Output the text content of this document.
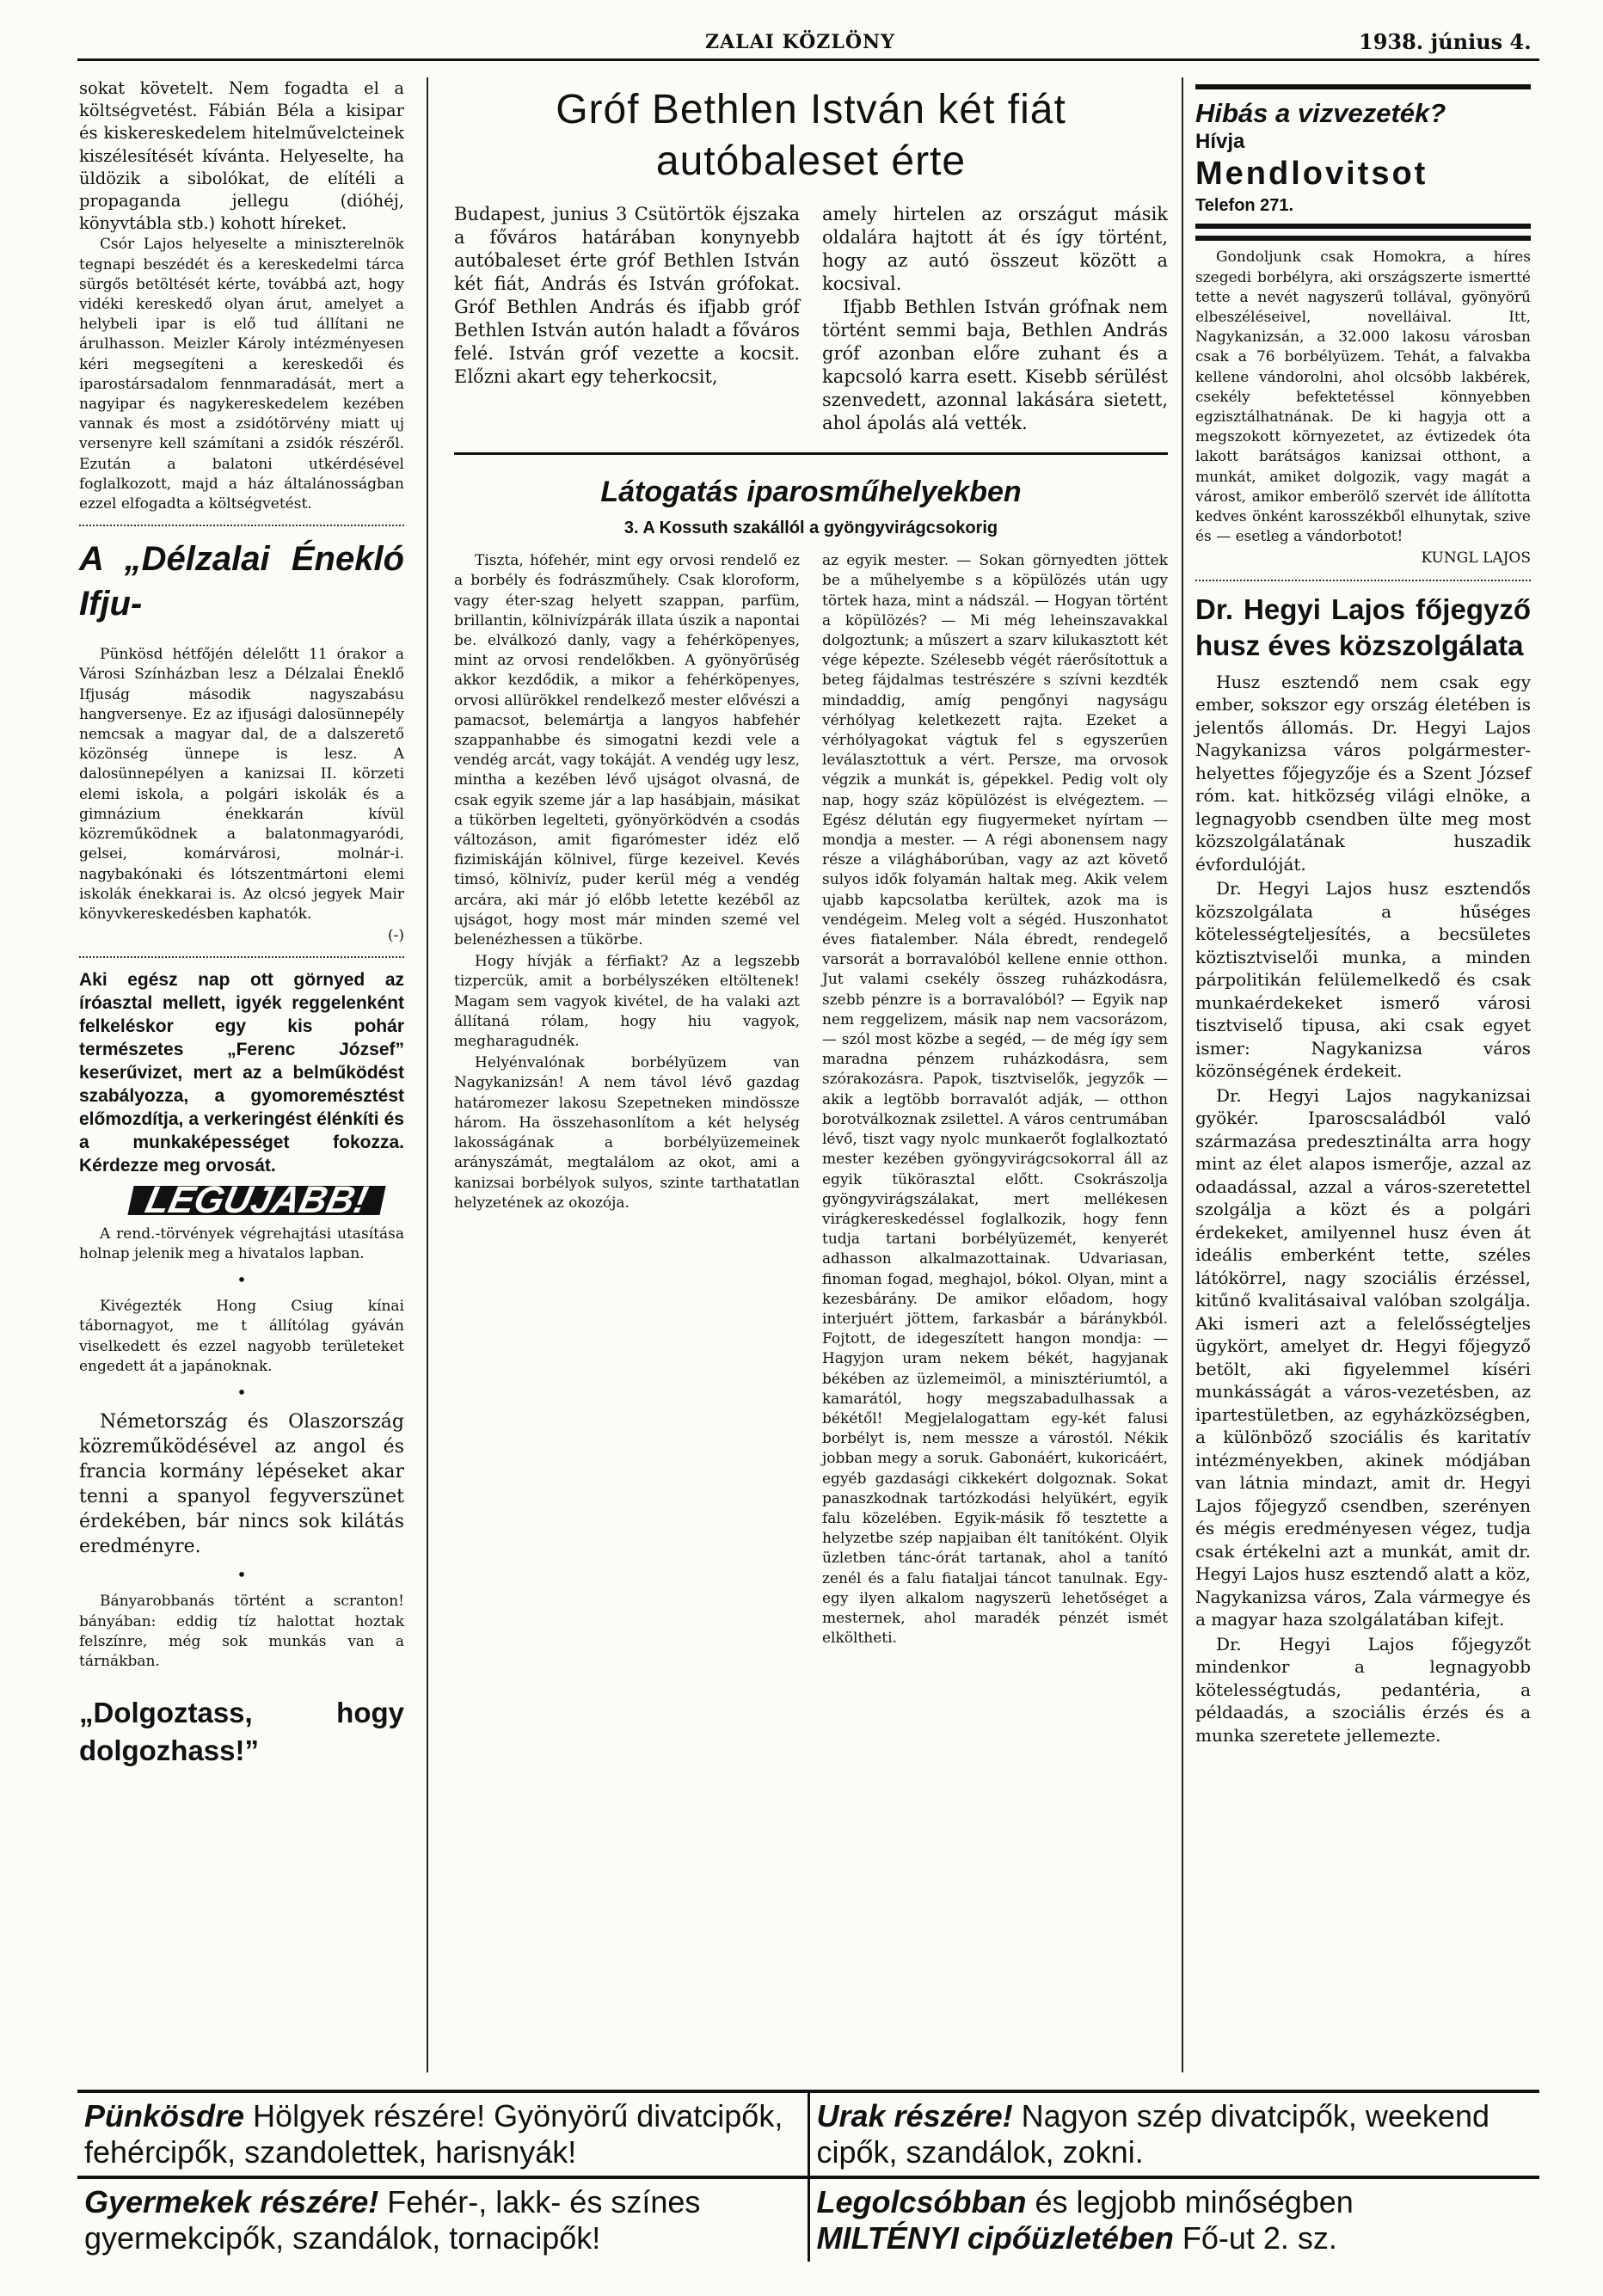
ZALAI KÖZLÖNY	1938. június 4.

sokat követelt. Nem fogadta el a költségvetést. Fábián Béla a kisipar és kiskereskedelem hitelművelcteinek kiszélesítését kívánta. Helyeselte, ha üldözik a sibolókat, de elítéli a propaganda jellegu (dióhéj, könyvtábla stb.) kohott híreket.

Csór Lajos helyeselte a miniszterelnök tegnapi beszédét és a kereskedelmi tárca sürgős betöltését kérte, továbbá azt, hogy vidéki kereskedő olyan árut, amelyet a helybeli ipar is elő tud állítani ne árulhasson. Meizler Károly intézményesen kéri megsegíteni a kereskedői és iparostársadalom fennmaradását, mert a nagyipar és nagykereskedelem kezében vannak és most a zsidótörvény miatt uj versenyre kell számítani a zsidók részéről. Ezután a balatoni utkérdésével foglalkozott, majd a ház általánosságban ezzel elfogadta a költségvetést.

A „Délzalai Énekló Ifju-

Pünkösd hétfőjén délelőtt 11 órakor a Városi Színházban lesz a Délzalai Éneklő Ifjuság második nagyszabásu hangversenye. Ez az ifjusági dalosünnepély nemcsak a magyar dal, de a dalszerető közönség ünnepe is lesz. A dalosünnepélyen a kanizsai II. körzeti elemi iskola, a polgári iskolák és a gimnázium énekkarán kívül közreműködnek a balatonmagyaródi, gelsei, komárvárosi, molnár-i. nagybakónaki és lótszentmártoni elemi iskolák énekkarai is. Az olcsó jegyek Mair könyvkereskedésben kaphatók.

(-)

Aki egész nap ott görnyed az íróasztal mellett, igyék reggelenként felkeléskor egy kis pohár természetes „Ferenc József” keserűvizet, mert az a belműködést szabályozza, a gyomoremésztést előmozdítja, a verkeringést élénkíti és a munkaképességet fokozza. Kérdezze meg orvosát.

LEGUJABB!

A rend.-törvények végrehajtási utasítása holnap jelenik meg a hivatalos lapban.

•

Kivégezték Hong Csiug kínai tábornagyot, me t állítólag gyáván viselkedett és ezzel nagyobb területeket engedett át a japánoknak.

•

Németország és Olaszország közreműködésével az angol és francia kormány lépéseket akar tenni a spanyol fegyverszünet érdekében, bár nincs sok kilátás eredményre.

•

Bányarobbanás történt a scranton! bányában: eddig tíz halottat hoztak felszínre, még sok munkás van a tárnákban.

„Dolgoztass, hogy dolgozhass!”
Gróf Bethlen István két fiát autóbaleset érte

Budapest, junius 3 Csütörtök éjszaka a főváros határában konynyebb autóbaleset érte gróf Bethlen István két fiát, András és István grófokat. Gróf Bethlen András és ifjabb gróf Bethlen István autón haladt a főváros felé. István gróf vezette a kocsit. Előzni akart egy teherkocsit,

amely hirtelen az országut másik oldalára hajtott át és így történt, hogy az autó összeut között a kocsival.

Ifjabb Bethlen István grófnak nem történt semmi baja, Bethlen András gróf azonban előre zuhant és a kapcsoló karra esett. Kisebb sérülést szenvedett, azonnal lakására sietett, ahol ápolás alá vették.

Látogatás iparosműhelyekben
3. A Kossuth szakállól a gyöngyvirágcsokorig

Tiszta, hófehér, mint egy orvosi rendelő ez a borbély és fodrászműhely. Csak kloroform, vagy éter-szag helyett szappan, parfüm, brillantin, kölnivízpárák illata úszik a napontai be. elválkozó danly, vagy a fehérköpenyes, mint az orvosi rendelőkben. A gyönyörűség akkor kezdődik, a mikor a fehérköpenyes, orvosi allürökkel rendelkező mester elővészi a pamacsot, belemártja a langyos habfehér szappanhabbe és simogatni kezdi vele a vendég arcát, vagy tokáját. A vendég ugy lesz, mintha a kezében lévő ujságot olvasná, de csak egyik szeme jár a lap hasábjain, másikat a tükörben legelteti, gyönyörködvén a csodás változáson, amit figarómester idéz elő fizimiskáján kölnivel, fürge kezeivel. Kevés timsó, kölnivíz, puder kerül még a vendég arcára, aki már jó előbb letette kezéből az ujságot, hogy most már minden szemé vel belenézhessen a tükörbe.

Hogy hívják a férfiakt? Az a legszebb tizpercük, amit a borbélyszéken eltöltenek! Magam sem vagyok kivétel, de ha valaki azt állítaná rólam, hogy hiu vagyok, megharagudnék.

Helyénvalónak borbélyüzem van Nagykanizsán! A nem távol lévő gazdag határomezer lakosu Szepetneken mindössze három. Ha összehasonlítom a két helység lakosságának a borbélyüzemeinek arányszámát, megtalálom az okot, ami a kanizsai borbélyok sulyos, szinte tarthatatlan helyzetének az okozója.

az egyik mester. — Sokan görnyedten jöttek be a műhelyembe s a köpülözés után ugy törtek haza, mint a nádszál. — Hogyan történt a köpülözés? — Mi még leheinszavakkal dolgoztunk; a műszert a szarv kilukasztott két vége képezte. Szélesebb végét ráerősítottuk a beteg fájdalmas testrészére s szívni kezdték mindaddig, amíg pengőnyi nagyságu vérhólyag keletkezett rajta. Ezeket a vérhólyagokat vágtuk fel s egyszerűen leválasztottuk a vért. Persze, ma orvosok végzik a munkát is, gépekkel. Pedig volt oly nap, hogy száz köpülözést is elvégeztem. — Egész délután egy fiugyermeket nyírtam — mondja a mester. — A régi abonensem nagy része a világháborúban, vagy az azt követő sulyos idők folyamán haltak meg. Akik velem ujabb kapcsolatba kerültek, azok ma is vendégeim. Meleg volt a ségéd. Huszonhatot éves fiatalember. Nála ébredt, rendegelő varsorát a borravalóból kellene ennie otthon. Jut valami csekély összeg ruházkodásra, szebb pénzre is a borravalóból? — Egyik nap nem reggelizem, másik nap nem vacsorázom, — szól most közbe a segéd, — de még így sem maradna pénzem ruházkodásra, sem szórakozásra. Papok, tisztviselők, jegyzők — akik a legtöbb borravalót adják, — otthon borotválkoznak zsilettel. A város centrumában lévő, tiszt vagy nyolc munkaerőt foglalkoztató mester kezében gyöngyvirágcsokorral áll az egyik tükörasztal előtt. Csokrászolja gyöngyvirágszálakat, mert mellékesen virágkereskedéssel foglalkozik, hogy fenn tudja tartani borbélyüzemét, kenyerét adhasson alkalmazottainak. Udvariasan, finoman fogad, meghajol, bókol. Olyan, mint a kezesbárány. De amikor előadom, hogy interjuért jöttem, farkasbár a báránykból. Fojtott, de idegeszített hangon mondja: — Hagyjon uram nekem békét, hagyjanak békében az üzlemeimöl, a minisztériumtól, a kamarától, hogy megszabadulhassak a békétől! Megjelalogattam egy-két falusi borbélyt is, nem messze a várostól. Nékik jobban megy a soruk. Gabonáért, kukoricáért, egyéb gazdasági cikkekért dolgoznak. Sokat panaszkodnak tartózkodási helyükért, egyik falu közelében. Egyik-másik fő tesztette a helyzetbe szép napjaiban élt tanítóként. Olyik üzletben tánc-órát tartanak, ahol a tanító zenél és a falu fiataljai táncot tanulnak. Egy-egy ilyen alkalom nagyszerü lehetőséget a mesternek, ahol maradék pénzét ismét elköltheti.

Hibás a vizvezeték?
Hívja
Mendlovitsot
Telefon 271.

Gondoljunk csak Homokra, a híres szegedi borbélyra, aki országszerte ismertté tette a nevét nagyszerű tollával, gyönyörű elbeszéléseivel, novelláival. Itt, Nagykanizsán, a 32.000 lakosu városban csak a 76 borbélyüzem. Tehát, a falvakba kellene vándorolni, ahol olcsóbb lakbérek, csekély befektetéssel könnyebben egzisztálhatnának. De ki hagyja ott a megszokott környezetet, az évtizedek óta lakott barátságos kanizsai otthont, a munkát, amiket dolgozik, vagy magát a várost, amikor emberölő szervét ide állította kedves önként karosszékből elhunytak, szive és — esetleg a vándorbotot!

KUNGL LAJOS
Dr. Hegyi Lajos főjegyző husz éves közszolgálata

Husz esztendő nem csak egy ember, sokszor egy ország életében is jelentős állomás. Dr. Hegyi Lajos Nagykanizsa város polgármester-helyettes főjegyzője és a Szent József róm. kat. hitközség világi elnöke, a legnagyobb csendben ülte meg most közszolgálatának huszadik évfordulóját.

Dr. Hegyi Lajos husz esztendős közszolgálata a hűséges kötelességteljesítés, a becsületes köztisztviselői munka, a minden párpolitikán felülemelkedő és csak munkaérdekeket ismerő városi tisztviselő tipusa, aki csak egyet ismer: Nagykanizsa város közönségének érdekeit.

Dr. Hegyi Lajos nagykanizsai gyökér. Iparoscsaládból való származása predesztinálta arra hogy mint az élet alapos ismerője, azzal az odaadással, azzal a város-szeretettel szolgálja a közt és a polgári érdekeket, amilyennel husz éven át ideális emberként tette, széles látókörrel, nagy szociális érzéssel, kitűnő kvalitásaival valóban szolgálja. Aki ismeri azt a felelősségteljes ügykört, amelyet dr. Hegyi főjegyző betölt, aki figyelemmel kíséri munkásságát a város-vezetésben, az ipartestületben, az egyházközségben, a különböző szociális és karitatív intézményekben, akinek módjában van látnia mindazt, amit dr. Hegyi Lajos főjegyző csendben, szerényen és mégis eredményesen végez, tudja csak értékelni azt a munkát, amit dr. Hegyi Lajos husz esztendő alatt a köz, Nagykanizsa város, Zala vármegye és a magyar haza szolgálatában kifejt.

Dr. Hegyi Lajos főjegyzőt mindenkor a legnagyobb kötelességtudás, pedantéria, a példaadás, a szociális érzés és a munka szeretete jellemezte.

Pünkösdre Hölgyek részére! Gyönyörű divatcipők, fehércipők, szandolettek, harisnyák!
Urak részére! Nagyon szép divatcipők, weekend cipők, szandálok, zokni.
Gyermekek részére! Fehér-, lakk- és színes gyermekcipők, szandálok, tornacipők!
Legolcsóbban és legjobb minőségben
MILTÉNYI cipőüzletében Fő-ut 2. sz.
